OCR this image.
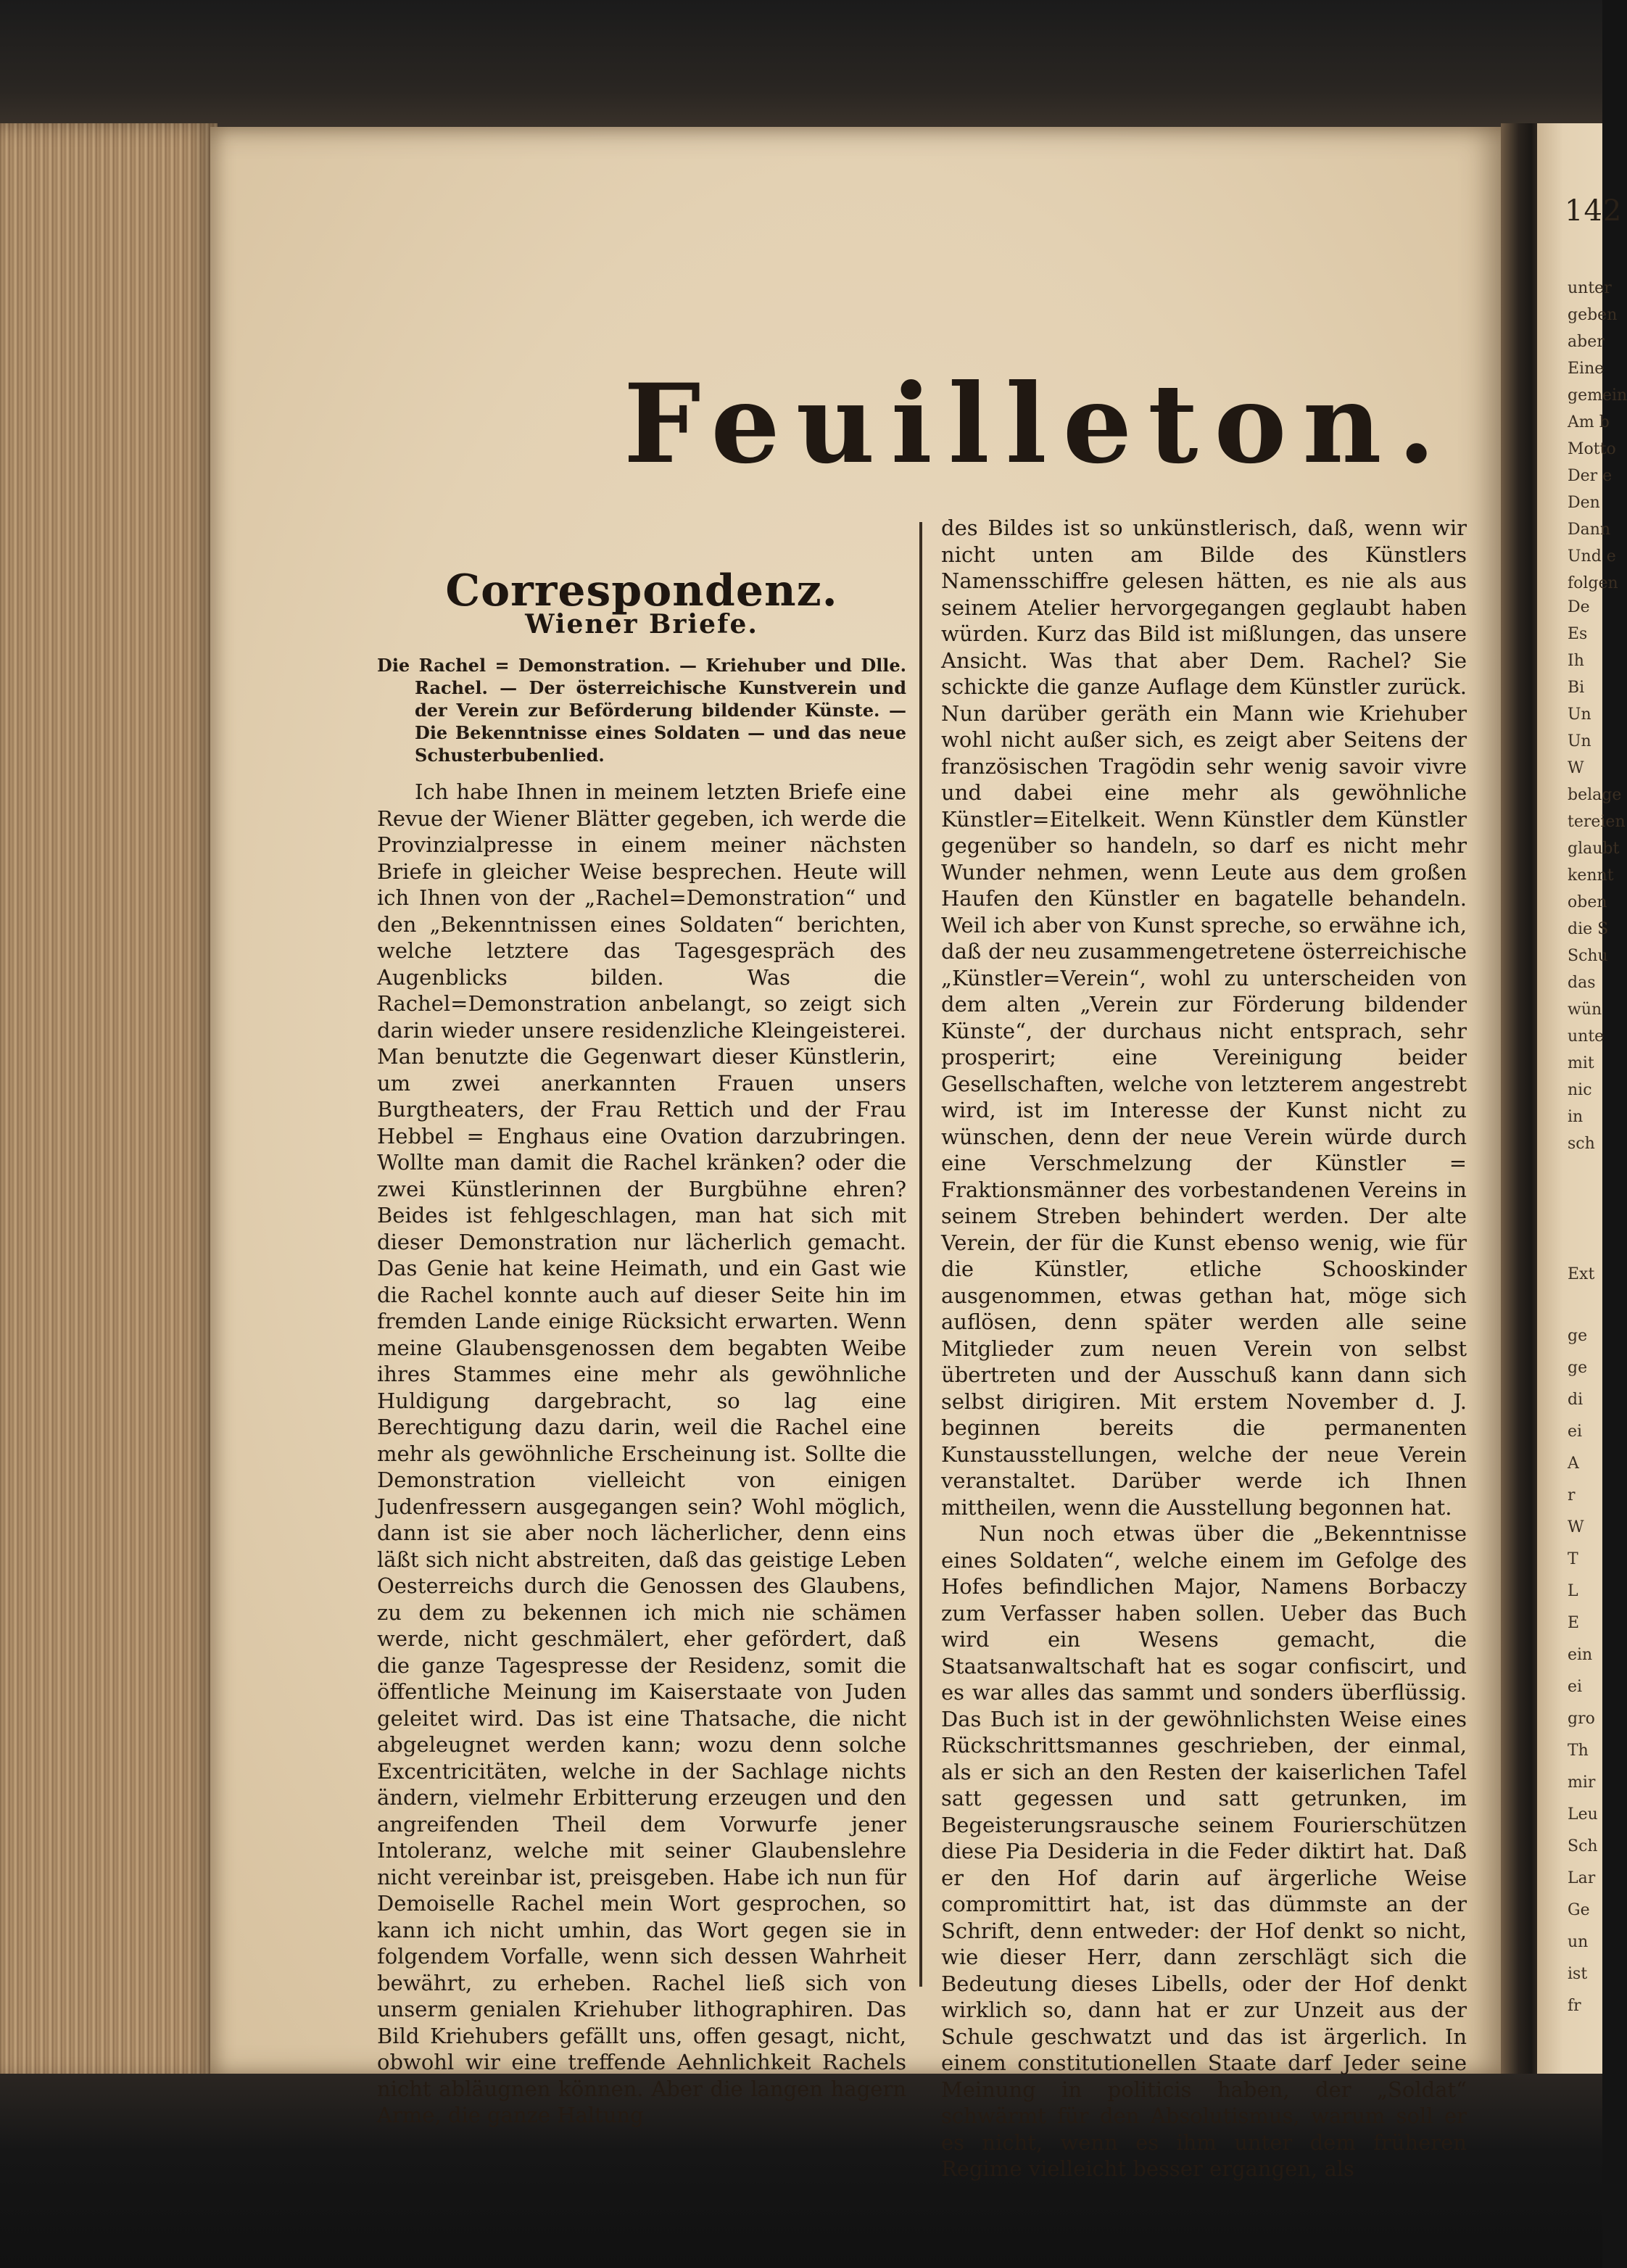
142
unter
geben
aber
Eine
gemein
Am b
Motto
Der e
Den
Dann
Und e
folgen
De
Es
Ih
Bi
Un
Un
W
belage
tereien
glaubt
kennt
oben
die S
Schu
das
wün
unte
mit
nic
in
sch
Ext
ge
ge
di
ei
A
r
W
T
L
E
ein
ei
gro
Th
mir
Leu
Sch
Lar
Ge
un
ist
fr
Feuilleton.
Correspondenz.
Wiener Briefe.
Die Rachel = Demonstration. — Kriehuber und Dlle. Rachel. — Der österreichische Kunstverein und der Verein zur Beförderung bildender Künste. — Die Bekenntnisse eines Soldaten — und das neue Schusterbubenlied.

Ich habe Ihnen in meinem letzten Briefe eine Revue der Wiener Blätter gegeben, ich werde die Provinzialpresse in einem meiner nächsten Briefe in gleicher Weise besprechen. Heute will ich Ihnen von der „Rachel=Demonstration“ und den „Bekenntnissen eines Soldaten“ berichten, welche letztere das Tagesgespräch des Augenblicks bilden. Was die Rachel=Demonstration anbelangt, so zeigt sich darin wieder unsere residenzliche Kleingeisterei. Man benutzte die Gegenwart dieser Künstlerin, um zwei anerkannten Frauen unsers Burgtheaters, der Frau Rettich und der Frau Hebbel = Enghaus eine Ovation darzubringen. Wollte man damit die Rachel kränken? oder die zwei Künstlerinnen der Burgbühne ehren? Beides ist fehlgeschlagen, man hat sich mit dieser Demonstration nur lächerlich gemacht. Das Genie hat keine Heimath, und ein Gast wie die Rachel konnte auch auf dieser Seite hin im fremden Lande einige Rücksicht erwarten. Wenn meine Glaubensgenossen dem begabten Weibe ihres Stammes eine mehr als gewöhnliche Huldigung dargebracht, so lag eine Berechtigung dazu darin, weil die Rachel eine mehr als gewöhnliche Erscheinung ist. Sollte die Demonstration vielleicht von einigen Judenfressern ausgegangen sein? Wohl möglich, dann ist sie aber noch lächerlicher, denn eins läßt sich nicht abstreiten, daß das geistige Leben Oesterreichs durch die Genossen des Glaubens, zu dem zu bekennen ich mich nie schämen werde, nicht geschmälert, eher gefördert, daß die ganze Tagespresse der Residenz, somit die öffentliche Meinung im Kaiserstaate von Juden geleitet wird. Das ist eine Thatsache, die nicht abgeleugnet werden kann; wozu denn solche Excentricitäten, welche in der Sachlage nichts ändern, vielmehr Erbitterung erzeugen und den angreifenden Theil dem Vorwurfe jener Intoleranz, welche mit seiner Glaubenslehre nicht vereinbar ist, preisgeben. Habe ich nun für Demoiselle Rachel mein Wort gesprochen, so kann ich nicht umhin, das Wort gegen sie in folgendem Vorfalle, wenn sich dessen Wahrheit bewährt, zu erheben. Rachel ließ sich von unserm genialen Kriehuber lithographiren. Das Bild Kriehubers gefällt uns, offen gesagt, nicht, obwohl wir eine treffende Aehnlichkeit Rachels nicht abläugnen können. Aber die langen hagern Arme, die ganze Haltung

des Bildes ist so unkünstlerisch, daß, wenn wir nicht unten am Bilde des Künstlers Namensschiffre gelesen hätten, es nie als aus seinem Atelier hervorgegangen geglaubt haben würden. Kurz das Bild ist mißlungen, das unsere Ansicht. Was that aber Dem. Rachel? Sie schickte die ganze Auflage dem Künstler zurück. Nun darüber geräth ein Mann wie Kriehuber wohl nicht außer sich, es zeigt aber Seitens der französischen Tragödin sehr wenig savoir vivre und dabei eine mehr als gewöhnliche Künstler=Eitelkeit. Wenn Künstler dem Künstler gegenüber so handeln, so darf es nicht mehr Wunder nehmen, wenn Leute aus dem großen Haufen den Künstler en bagatelle behandeln. Weil ich aber von Kunst spreche, so erwähne ich, daß der neu zusammengetretene österreichische „Künstler=Verein“, wohl zu unterscheiden von dem alten „Verein zur Förderung bildender Künste“, der durchaus nicht entsprach, sehr prosperirt; eine Vereinigung beider Gesellschaften, welche von letzterem angestrebt wird, ist im Interesse der Kunst nicht zu wünschen, denn der neue Verein würde durch eine Verschmelzung der Künstler = Fraktionsmänner des vorbestandenen Vereins in seinem Streben behindert werden. Der alte Verein, der für die Kunst ebenso wenig, wie für die Künstler, etliche Schooskinder ausgenommen, etwas gethan hat, möge sich auflösen, denn später werden alle seine Mitglieder zum neuen Verein von selbst übertreten und der Ausschuß kann dann sich selbst dirigiren. Mit erstem November d. J. beginnen bereits die permanenten Kunstausstellungen, welche der neue Verein veranstaltet. Darüber werde ich Ihnen mittheilen, wenn die Ausstellung begonnen hat.

Nun noch etwas über die „Bekenntnisse eines Soldaten“, welche einem im Gefolge des Hofes befindlichen Major, Namens Borbaczy zum Verfasser haben sollen. Ueber das Buch wird ein Wesens gemacht, die Staatsanwaltschaft hat es sogar confiscirt, und es war alles das sammt und sonders überflüssig. Das Buch ist in der gewöhnlichsten Weise eines Rückschrittsmannes geschrieben, der einmal, als er sich an den Resten der kaiserlichen Tafel satt gegessen und satt getrunken, im Begeisterungsrausche seinem Fourierschützen diese Pia Desideria in die Feder diktirt hat. Daß er den Hof darin auf ärgerliche Weise compromittirt hat, ist das dümmste an der Schrift, denn entweder: der Hof denkt so nicht, wie dieser Herr, dann zerschlägt sich die Bedeutung dieses Libells, oder der Hof denkt wirklich so, dann hat er zur Unzeit aus der Schule geschwatzt und das ist ärgerlich. In einem constitutionellen Staate darf Jeder seine Meinung in politicis haben, der „Soldat“ schwärmt für den Absolutismus, warum soll er es nicht, wenn es ihm unter dem früheren Regime vielleicht besser ergangen, als
